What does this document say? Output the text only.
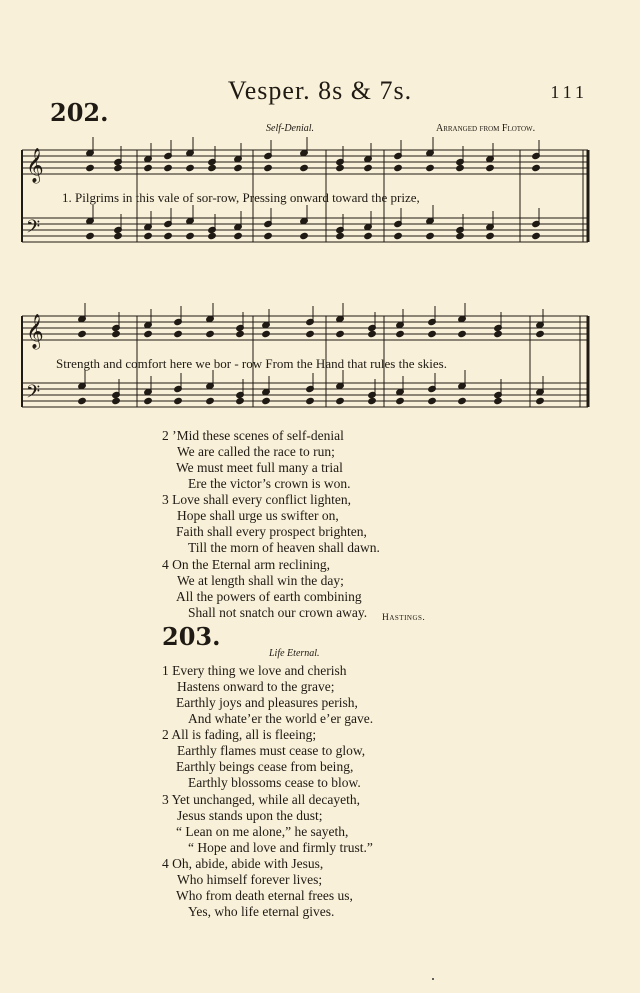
Vesper. 8s & 7s.	111
202.
Self-Denial.	Arranged from Flotow.
𝄞
𝄢
𝄞
𝄢
1. Pilgrims in this vale of sor-row, Pressing onward toward the prize,
Strength and comfort here we bor - row From the Hand that rules the skies.
2 ’Mid these scenes of self-denial
We are called the race to run;
We must meet full many a trial
Ere the victor’s crown is won.
3 Love shall every conflict lighten,
Hope shall urge us swifter on,
Faith shall every prospect brighten,
Till the morn of heaven shall dawn.
4 On the Eternal arm reclining,
We at length shall win the day;
All the powers of earth combining
Shall not snatch our crown away. Hastings.
203.
Life Eternal.
1 Every thing we love and cherish
Hastens onward to the grave;
Earthly joys and pleasures perish,
And whate’er the world e’er gave.
2 All is fading, all is fleeing;
Earthly flames must cease to glow,
Earthly beings cease from being,
Earthly blossoms cease to blow.
3 Yet unchanged, while all decayeth,
Jesus stands upon the dust;
“ Lean on me alone,” he sayeth,
“ Hope and love and firmly trust.”
4 Oh, abide, abide with Jesus,
Who himself forever lives;
Who from death eternal frees us,
Yes, who life eternal gives.
